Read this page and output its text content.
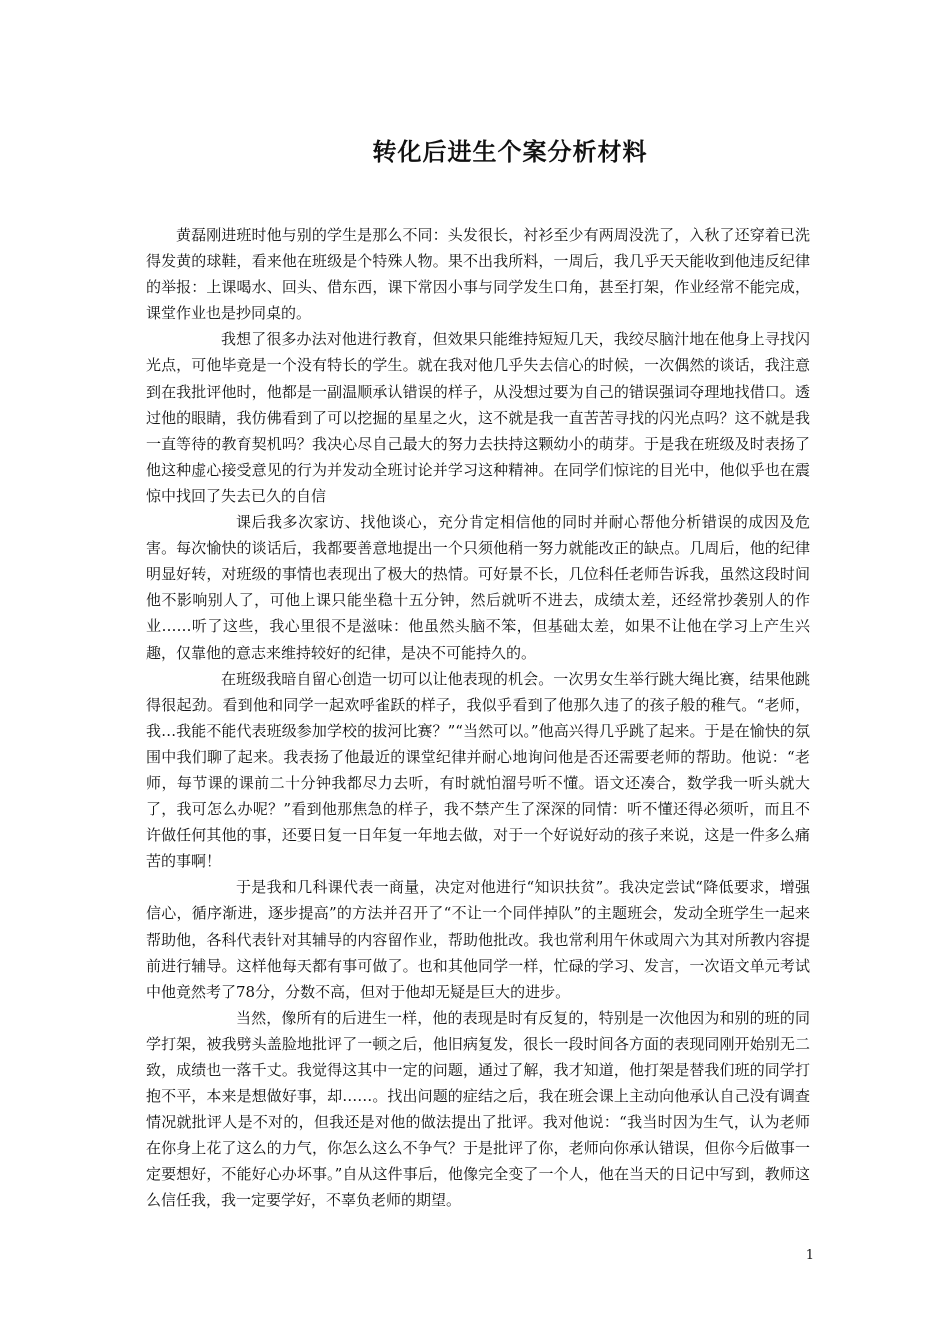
转化后进生个案分析材料

黄磊刚进班时他与别的学生是那么不同：头发很长，衬衫至少有两周没洗了，入秋了还穿着已洗得发黄的球鞋，看来他在班级是个特殊人物。果不出我所料，一周后，我几乎天天能收到他违反纪律的举报：上课喝水、回头、借东西，课下常因小事与同学发生口角，甚至打架，作业经常不能完成，课堂作业也是抄同桌的。

我想了很多办法对他进行教育，但效果只能维持短短几天，我绞尽脑汁地在他身上寻找闪光点，可他毕竟是一个没有特长的学生。就在我对他几乎失去信心的时候，一次偶然的谈话，我注意到在我批评他时，他都是一副温顺承认错误的样子，从没想过要为自己的错误强词夺理地找借口。透过他的眼睛，我仿佛看到了可以挖掘的星星之火，这不就是我一直苦苦寻找的闪光点吗？这不就是我一直等待的教育契机吗？我决心尽自己最大的努力去扶持这颗幼小的萌芽。于是我在班级及时表扬了他这种虚心接受意见的行为并发动全班讨论并学习这种精神。在同学们惊诧的目光中，他似乎也在震惊中找回了失去已久的自信

课后我多次家访、找他谈心，充分肯定相信他的同时并耐心帮他分析错误的成因及危害。每次愉快的谈话后，我都要善意地提出一个只须他稍一努力就能改正的缺点。几周后，他的纪律明显好转，对班级的事情也表现出了极大的热情。可好景不长，几位科任老师告诉我，虽然这段时间他不影响别人了，可他上课只能坐稳十五分钟，然后就听不进去，成绩太差，还经常抄袭别人的作业……听了这些，我心里很不是滋味：他虽然头脑不笨，但基础太差，如果不让他在学习上产生兴趣，仅靠他的意志来维持较好的纪律，是决不可能持久的。

在班级我暗自留心创造一切可以让他表现的机会。一次男女生举行跳大绳比赛，结果他跳得很起劲。看到他和同学一起欢呼雀跃的样子，我似乎看到了他那久违了的孩子般的稚气。“老师，我…我能不能代表班级参加学校的拔河比赛？”“当然可以。”他高兴得几乎跳了起来。于是在愉快的氛围中我们聊了起来。我表扬了他最近的课堂纪律并耐心地询问他是否还需要老师的帮助。他说：“老师，每节课的课前二十分钟我都尽力去听，有时就怕溜号听不懂。语文还凑合，数学我一听头就大了，我可怎么办呢？”看到他那焦急的样子，我不禁产生了深深的同情：听不懂还得必须听，而且不许做任何其他的事，还要日复一日年复一年地去做，对于一个好说好动的孩子来说，这是一件多么痛苦的事啊！

于是我和几科课代表一商量，决定对他进行“知识扶贫”。我决定尝试“降低要求，增强信心，循序渐进，逐步提高”的方法并召开了“不让一个同伴掉队”的主题班会，发动全班学生一起来帮助他，各科代表针对其辅导的内容留作业，帮助他批改。我也常利用午休或周六为其对所教内容提前进行辅导。这样他每天都有事可做了。也和其他同学一样，忙碌的学习、发言，一次语文单元考试中他竟然考了78分，分数不高，但对于他却无疑是巨大的进步。

当然，像所有的后进生一样，他的表现是时有反复的，特别是一次他因为和别的班的同学打架，被我劈头盖脸地批评了一顿之后，他旧病复发，很长一段时间各方面的表现同刚开始别无二致，成绩也一落千丈。我觉得这其中一定的问题，通过了解，我才知道，他打架是替我们班的同学打抱不平，本来是想做好事，却……。找出问题的症结之后，我在班会课上主动向他承认自己没有调查情况就批评人是不对的，但我还是对他的做法提出了批评。我对他说：“我当时因为生气，认为老师在你身上花了这么的力气，你怎么这么不争气？于是批评了你，老师向你承认错误，但你今后做事一定要想好，不能好心办坏事。”自从这件事后，他像完全变了一个人，他在当天的日记中写到，教师这么信任我，我一定要学好，不辜负老师的期望。

1
